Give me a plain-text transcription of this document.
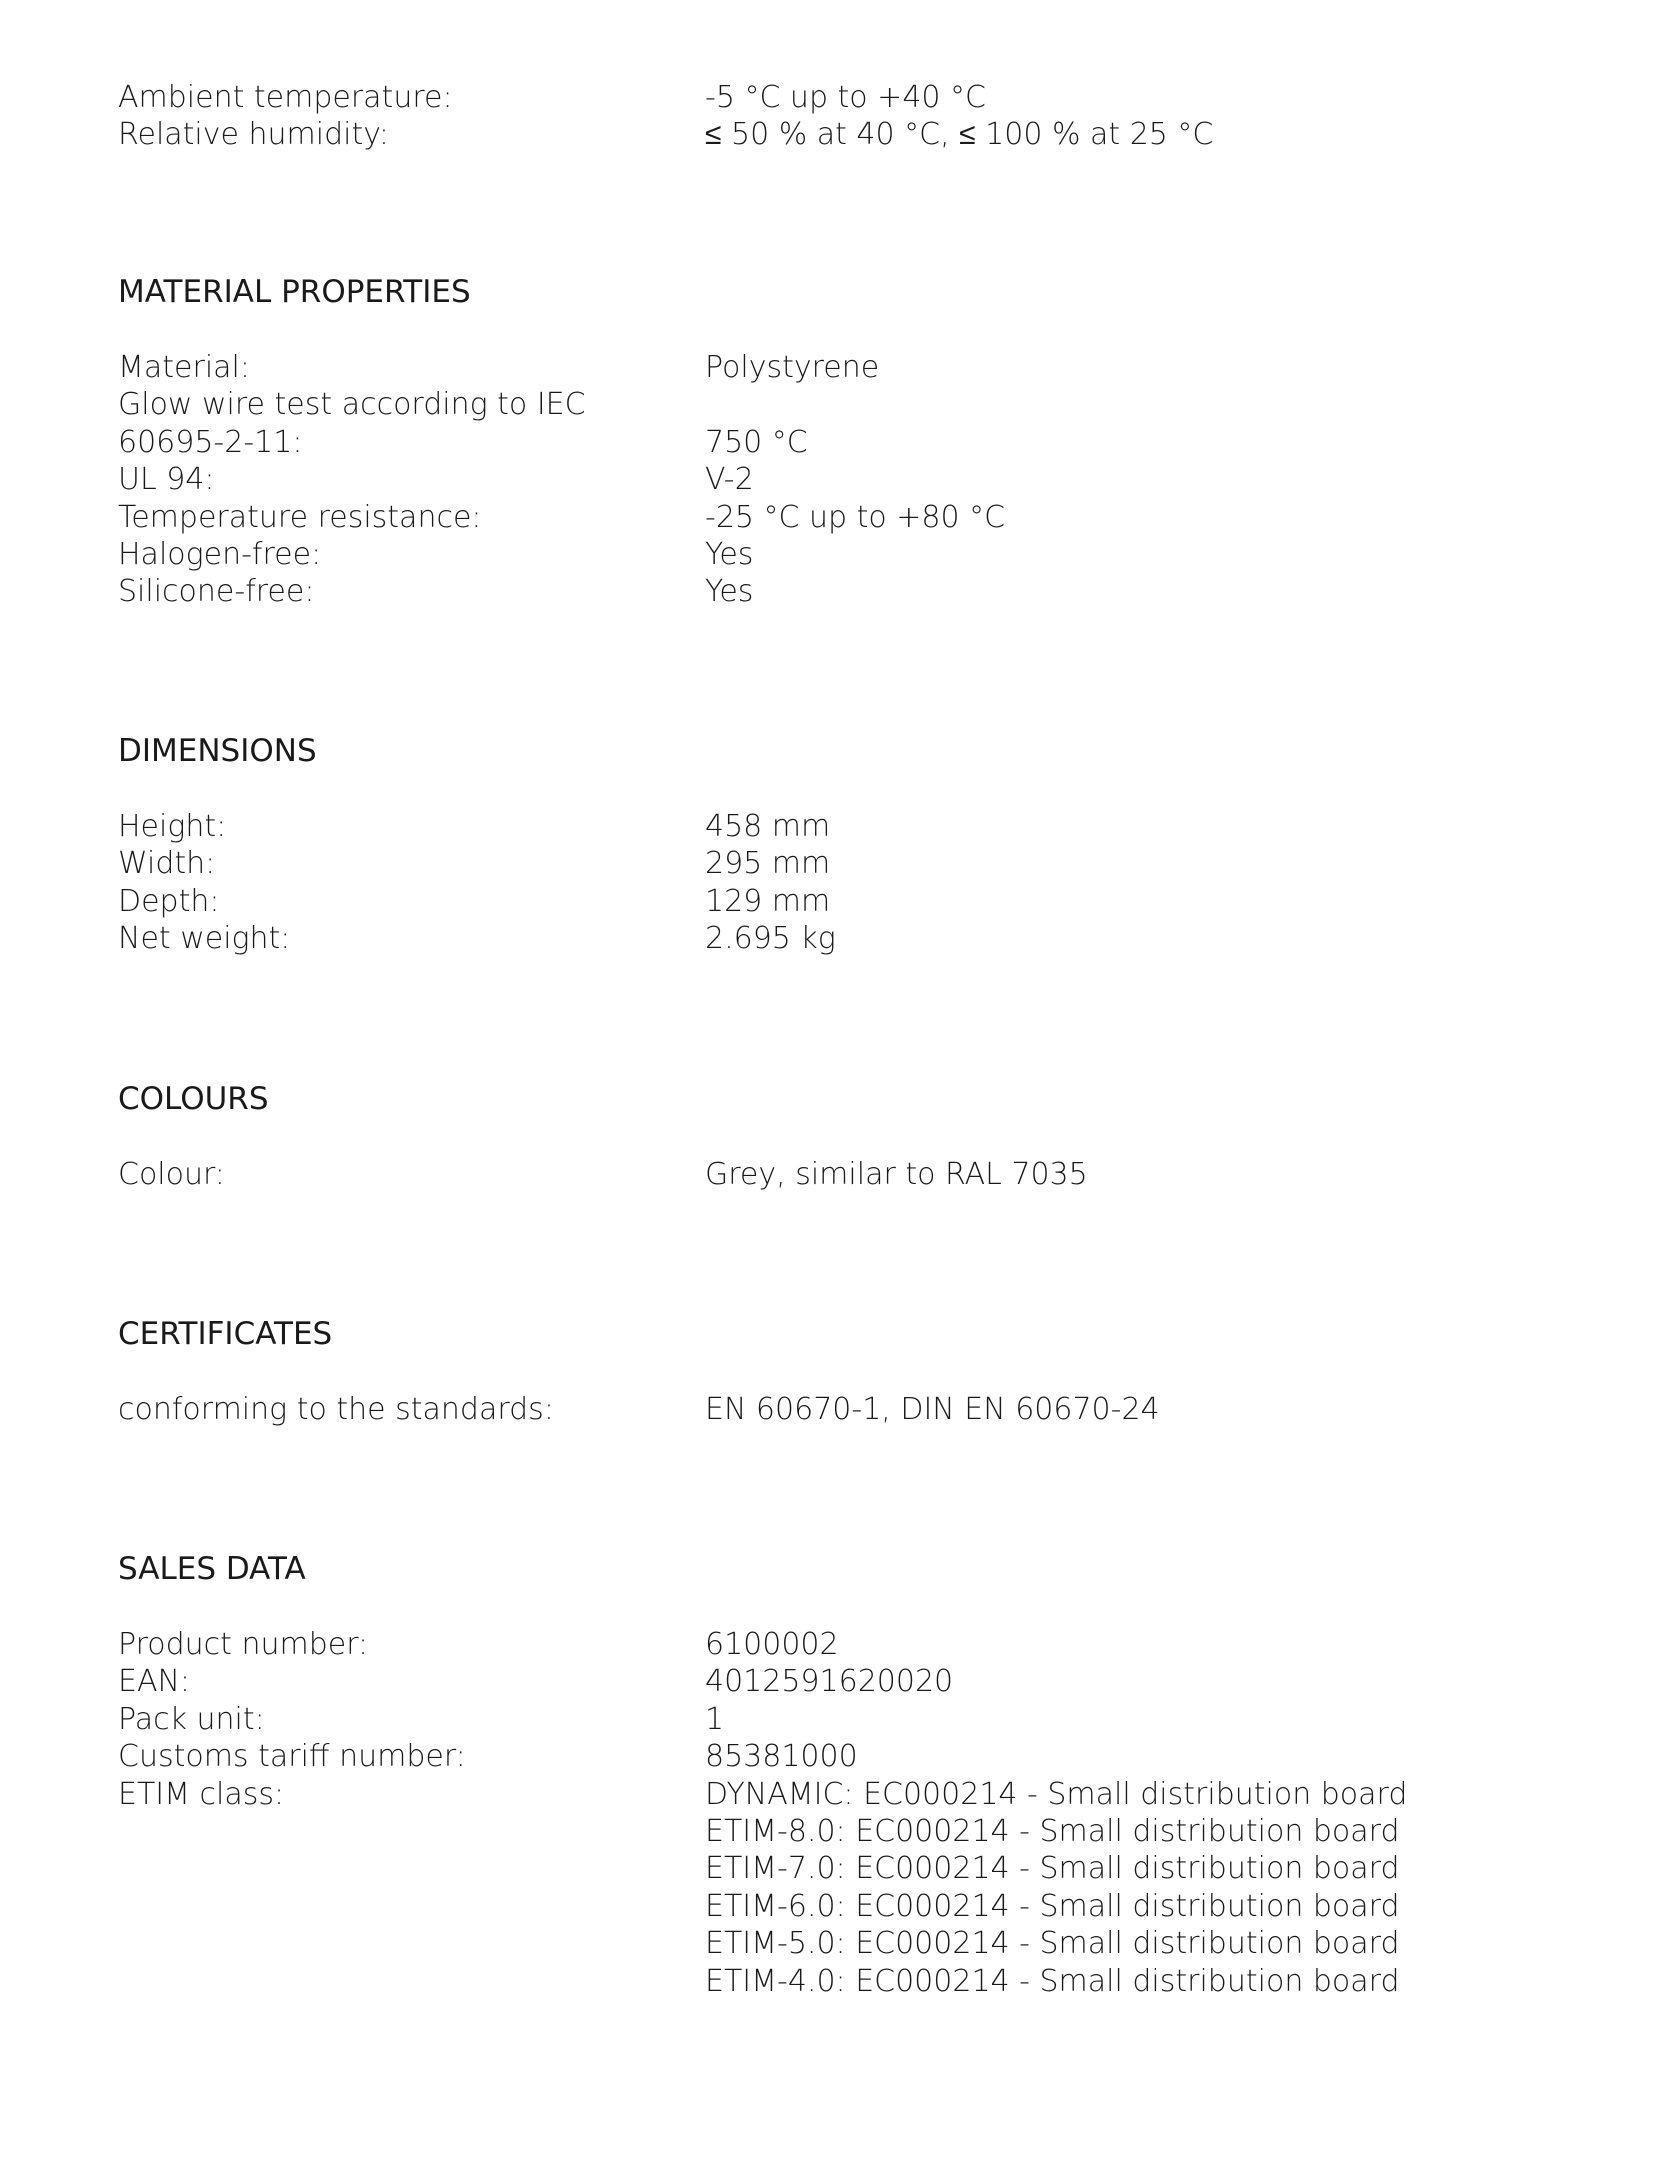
Ambient temperature:	-5 °C up to +40 °C
Relative humidity:	≤ 50 % at 40 °C, ≤ 100 % at 25 °C
MATERIAL PROPERTIES
Material:	Polystyrene
Glow wire test according to IEC
60695-2-11:	750 °C
UL 94:	V-2
Temperature resistance:	-25 °C up to +80 °C
Halogen-free:	Yes
Silicone-free:	Yes
DIMENSIONS
Height:	458 mm
Width:	295 mm
Depth:	129 mm
Net weight:	2.695 kg
COLOURS
Colour:	Grey, similar to RAL 7035
CERTIFICATES
conforming to the standards:	EN 60670-1, DIN EN 60670-24
SALES DATA
Product number:	6100002
EAN:	4012591620020
Pack unit:	1
Customs tariff number:	85381000
ETIM class:	DYNAMIC: EC000214 - Small distribution board
ETIM-8.0: EC000214 - Small distribution board
ETIM-7.0: EC000214 - Small distribution board
ETIM-6.0: EC000214 - Small distribution board
ETIM-5.0: EC000214 - Small distribution board
ETIM-4.0: EC000214 - Small distribution board
